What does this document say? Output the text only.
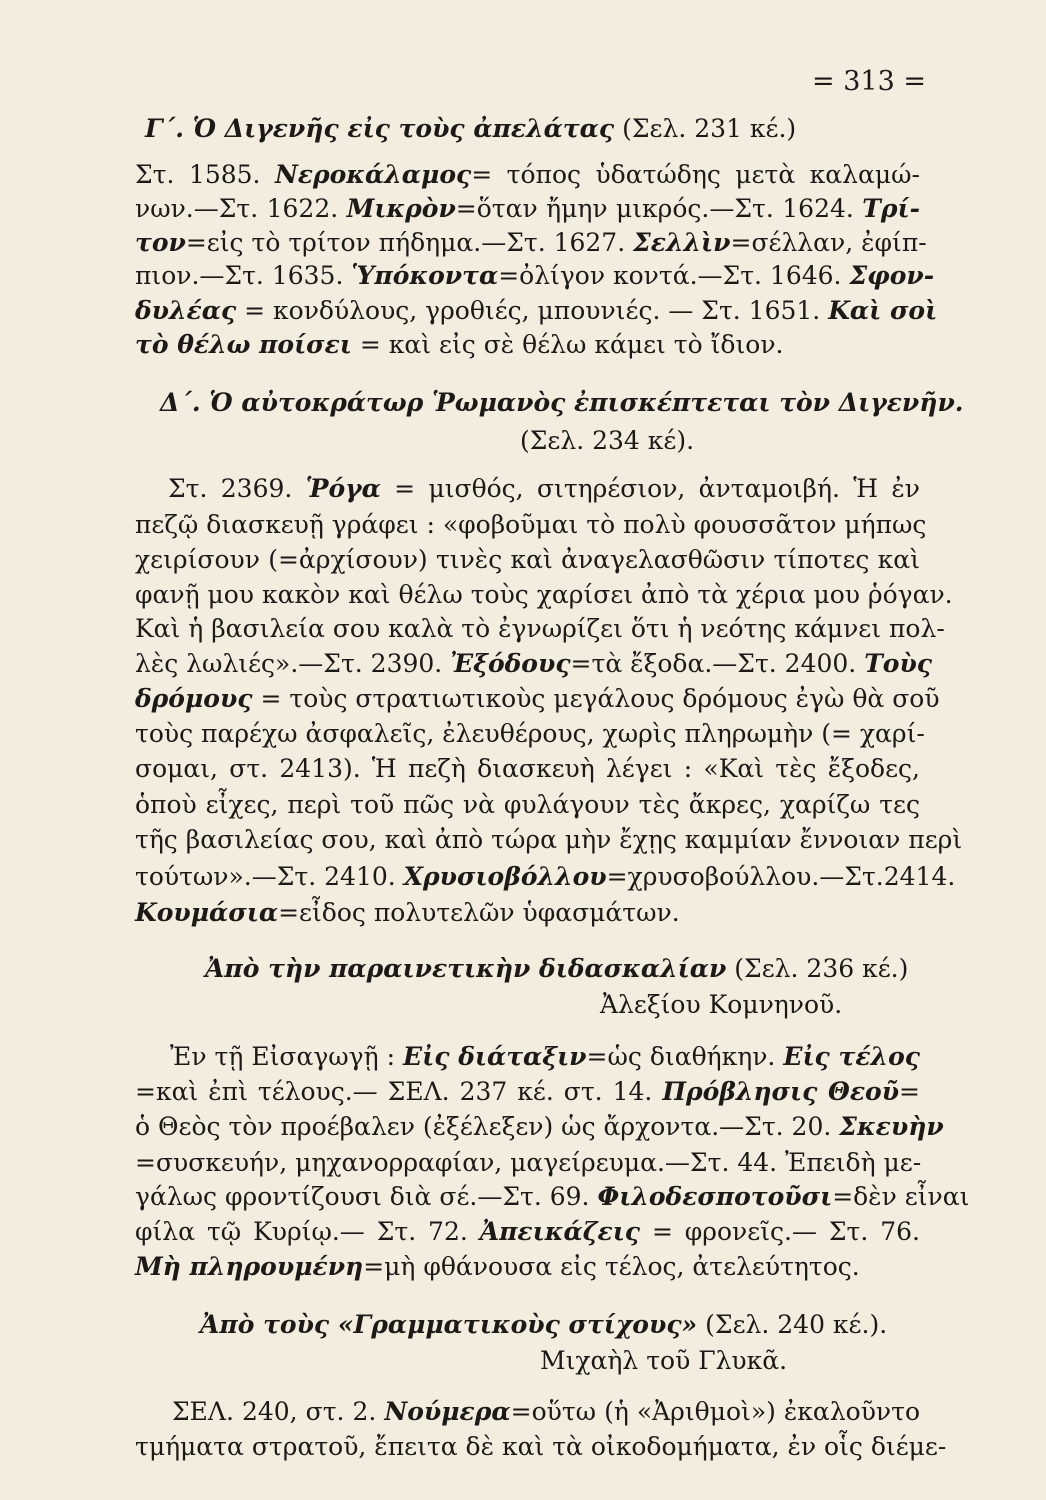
= 313 =
Γ΄. Ὁ Διγενῆς εἰς τοὺς ἀπελάτας (Σελ. 231 κέ.)
Στ. 1585. Νεροκάλαμος= τόπος ὑδατώδης μετὰ καλαμώ-
νων.—Στ. 1622. Μικρὸν=ὅταν ἤμην μικρός.—Στ. 1624. Τρί-
τον=εἰς τὸ τρίτον πήδημα.—Στ. 1627. Σελλὶν=σέλλαν, ἐφίπ-
πιον.—Στ. 1635. Ὑπόκοντα=ὀλίγον κοντά.—Στ. 1646. Σφον-
δυλέας = κονδύλους, γροθιές, μπουνιές. — Στ. 1651. Καὶ σοὶ
τὸ θέλω ποίσει = καὶ εἰς σὲ θέλω κάμει τὸ ἴδιον.
Δ΄. Ὁ αὐτοκράτωρ Ῥωμανὸς ἐπισκέπτεται τὸν Διγενῆν.
(Σελ. 234 κέ).
Στ. 2369. Ῥόγα = μισθός, σιτηρέσιον, ἀνταμοιβή. Ἡ ἐν
πεζῷ διασκευῇ γράφει : «φοβοῦμαι τὸ πολὺ φουσσᾶτον μήπως
χειρίσουν (=ἀρχίσουν) τινὲς καὶ ἀναγελασθῶσιν τίποτες καὶ
φανῇ μου κακὸν καὶ θέλω τοὺς χαρίσει ἀπὸ τὰ χέρια μου ῥόγαν.
Καὶ ἡ βασιλεία σου καλὰ τὸ ἐγνωρίζει ὅτι ἡ νεότης κάμνει πολ-
λὲς λωλιές».—Στ. 2390. Ἐξόδους=τὰ ἔξοδα.—Στ. 2400. Τοὺς
δρόμους = τοὺς στρατιωτικοὺς μεγάλους δρόμους ἐγὼ θὰ σοῦ
τοὺς παρέχω ἀσφαλεῖς, ἐλευθέρους, χωρὶς πληρωμὴν (= χαρί-
σομαι, στ. 2413). Ἡ πεζὴ διασκευὴ λέγει : «Καὶ τὲς ἔξοδες,
ὁποὺ εἶχες, περὶ τοῦ πῶς νὰ φυλάγουν τὲς ἄκρες, χαρίζω τες
τῆς βασιλείας σου, καὶ ἀπὸ τώρα μὴν ἔχῃς καμμίαν ἔννοιαν περὶ
τούτων».—Στ. 2410. Χρυσιοβόλλου=χρυσοβούλλου.—Στ.2414.
Κουμάσια=εἶδος πολυτελῶν ὑφασμάτων.
Ἀπὸ τὴν παραινετικὴν διδασκαλίαν (Σελ. 236 κέ.)
Ἀλεξίου Κομνηνοῦ.
Ἐν τῇ Εἰσαγωγῇ : Εἰς διάταξιν=ὡς διαθήκην. Εἰς τέλος
=καὶ ἐπὶ τέλους.— ΣΕΛ. 237 κέ. στ. 14. Πρόβλησις Θεοῦ=
ὁ Θεὸς τὸν προέβαλεν (ἐξέλεξεν) ὡς ἄρχοντα.—Στ. 20. Σκευὴν
=συσκευήν, μηχανορραφίαν, μαγείρευμα.—Στ. 44. Ἐπειδὴ με-
γάλως φροντίζουσι διὰ σέ.—Στ. 69. Φιλοδεσποτοῦσι=δὲν εἶναι
φίλα τῷ Κυρίῳ.— Στ. 72. Ἀπεικάζεις = φρονεῖς.— Στ. 76.
Μὴ πληρουμένη=μὴ φθάνουσα εἰς τέλος, ἀτελεύτητος.
Ἀπὸ τοὺς «Γραμματικοὺς στίχους» (Σελ. 240 κέ.).
Μιχαὴλ τοῦ Γλυκᾶ.
ΣΕΛ. 240, στ. 2. Νούμερα=οὕτω (ἡ «Ἀριθμοὶ») ἐκαλοῦντο
τμήματα στρατοῦ, ἔπειτα δὲ καὶ τὰ οἰκοδομήματα, ἐν οἷς διέμε-
